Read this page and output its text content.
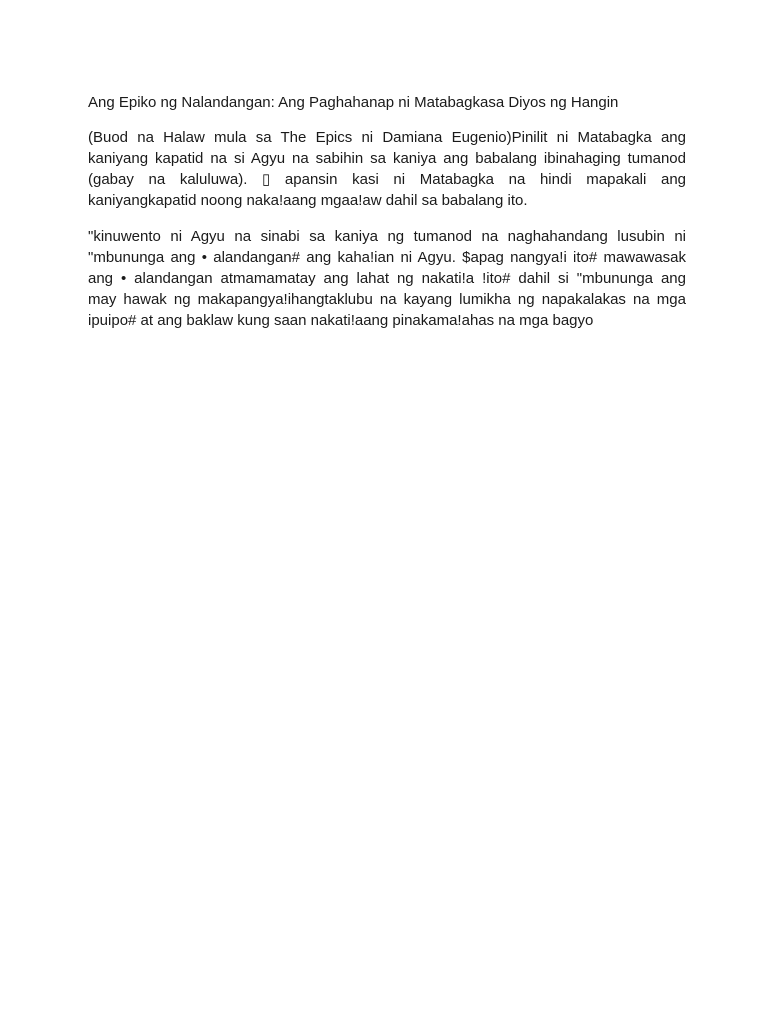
Ang Epiko ng Nalandangan: Ang Paghahanap ni Matabagkasa Diyos ng Hangin

(Buod na Halaw mula sa The Epics ni Damiana Eugenio)Pinilit ni Matabagka ang
kaniyang kapatid na si Agyu na sabihin sa kaniya ang babalang ibinahaging tumanod
(gabay na kaluluwa). ▯ apansin kasi ni Matabagka na hindi mapakali ang
kaniyangkapatid noong naka!aang mgaa!aw dahil sa babalang ito.
"kinuwento ni Agyu na sinabi sa kaniya ng tumanod na naghahandang lusubin ni
"mbununga ang • alandangan# ang kaha!ian ni Agyu. $apag nangya!i ito# mawawasak
ang • alandangan atmamamatay ang lahat ng nakati!a !ito# dahil si "mbununga ang
may hawak ng makapangya!ihangtaklubu na kayang lumikha ng napakalakas na mga
ipuipo# at ang baklaw kung saan nakati!aang pinakama!ahas na mga bagyo
